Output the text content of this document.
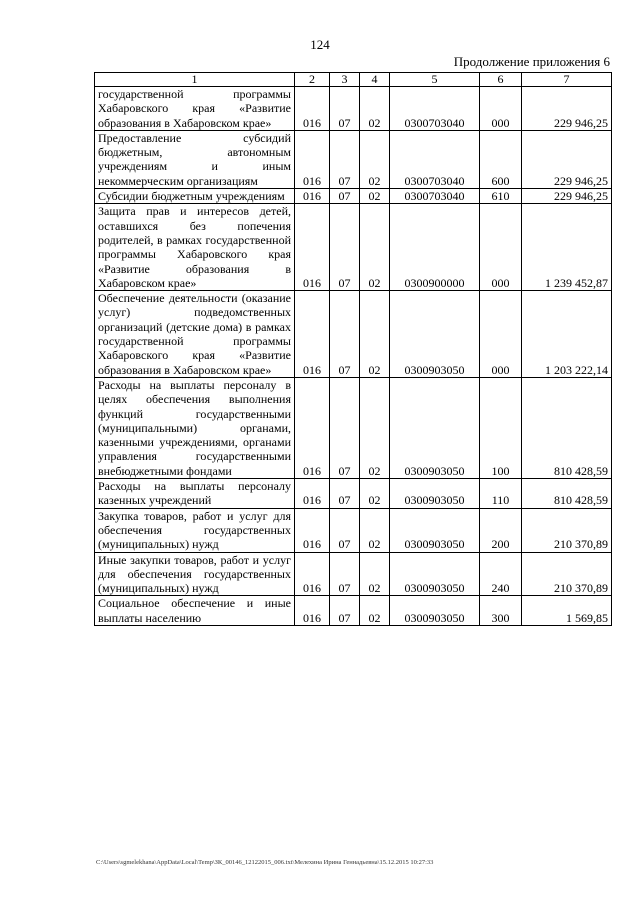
124
Продолжение приложения 6
1	2	3	4	5	6	7
государственной программы Хабаровского края «Развитие образования в Хабаровском крае»	016	07	02	0300703040	000	229 946,25
Предоставление субсидий бюджетным, автономным учреждениям и иным некоммерческим организациям	016	07	02	0300703040	600	229 946,25
Субсидии бюджетным учреждениям	016	07	02	0300703040	610	229 946,25
Защита прав и интересов детей, оставшихся без попечения родителей, в рамках государственной программы Хабаровского края «Развитие образования в Хабаровском крае»	016	07	02	0300900000	000	1 239 452,87
Обеспечение деятельности (оказание услуг) подведомственных организаций (детские дома) в рамках государственной программы Хабаровского края «Развитие образования в Хабаровском крае»	016	07	02	0300903050	000	1 203 222,14
Расходы на выплаты персоналу в целях обеспечения выполнения функций государственными (муниципальными) органами, казенными учреждениями, органами управления государственными внебюджетными фондами	016	07	02	0300903050	100	810 428,59
Расходы на выплаты персоналу казенных учреждений	016	07	02	0300903050	110	810 428,59
Закупка товаров, работ и услуг для обеспечения государственных (муниципальных) нужд	016	07	02	0300903050	200	210 370,89
Иные закупки товаров, работ и услуг для обеспечения государственных (муниципальных) нужд	016	07	02	0300903050	240	210 370,89
Социальное обеспечение и иные выплаты населению	016	07	02	0300903050	300	1 569,85
C:\Users\sgmelekhana\AppData\Local\Temp\ЗК_00146_12122015_006.txt\Мелехина Ирина Геннадьевна\15.12.2015 10:27:33
